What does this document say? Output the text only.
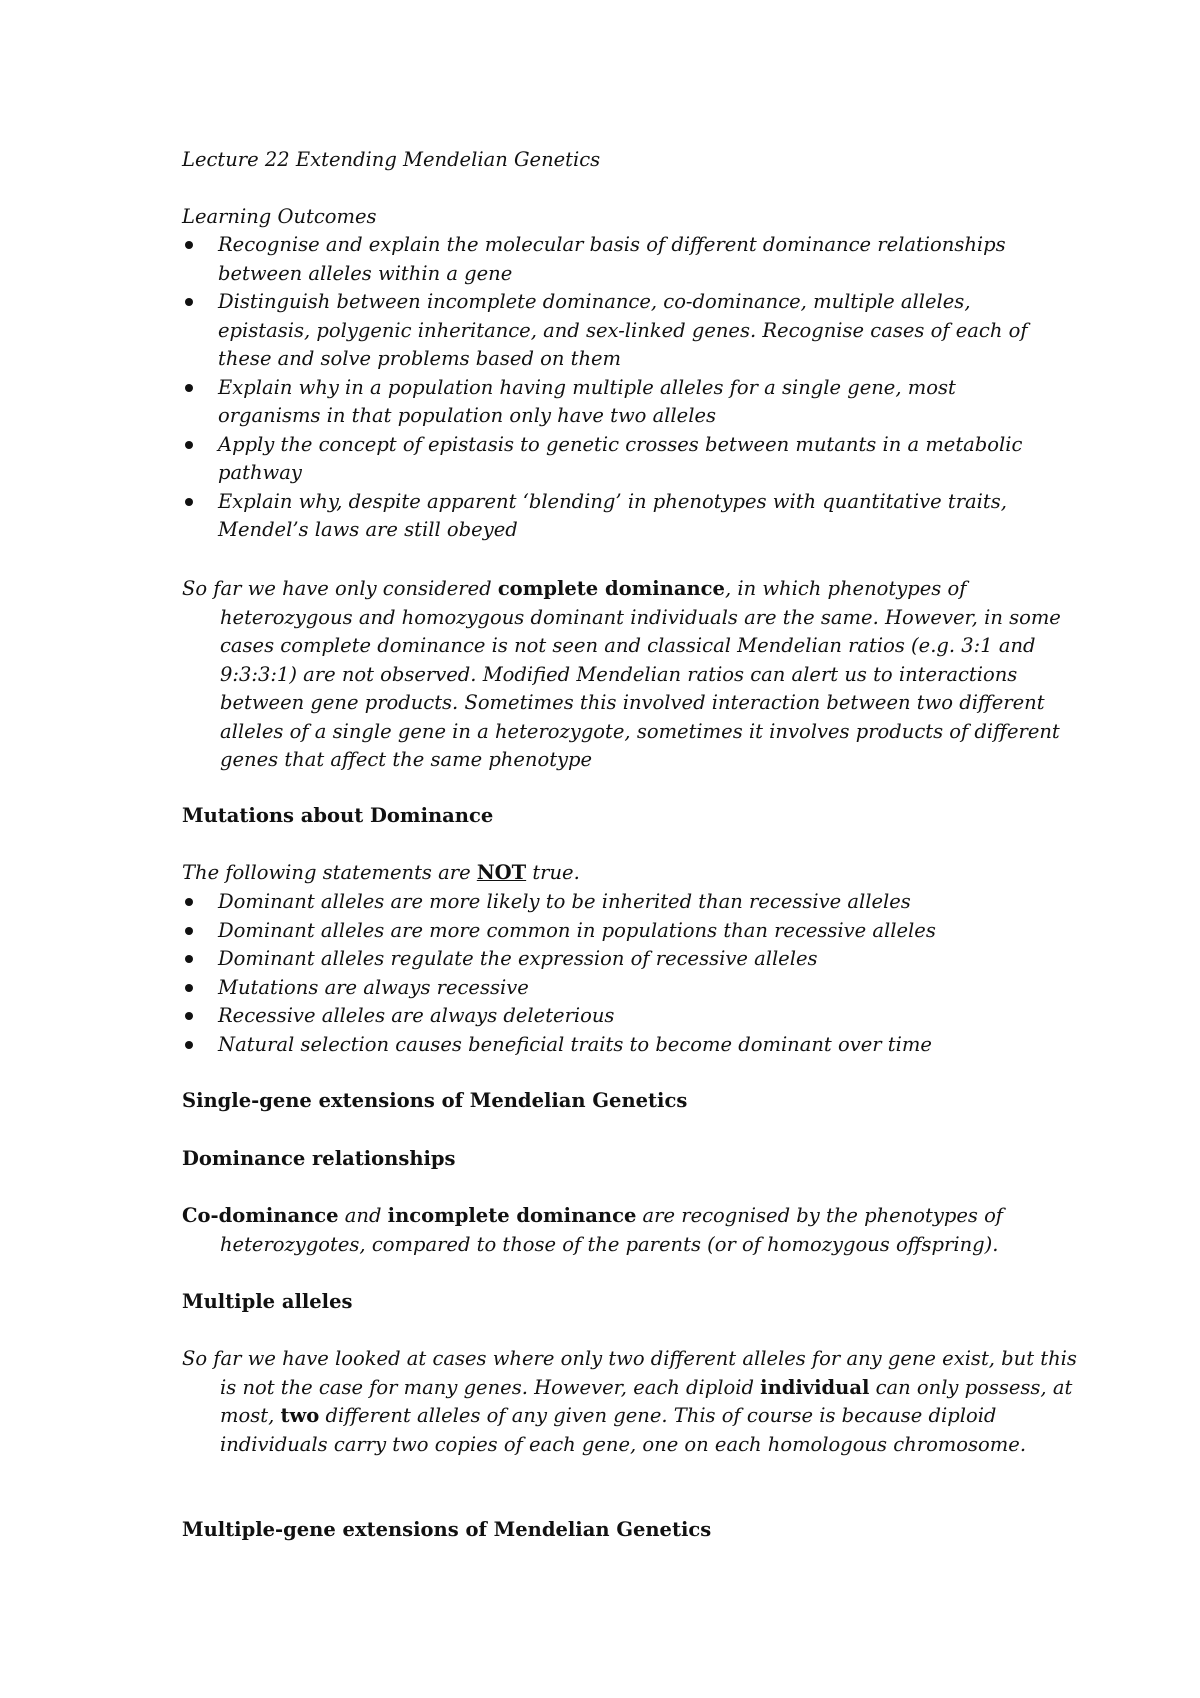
Lecture 22 Extending Mendelian Genetics

Learning Outcomes

Recognise and explain the molecular basis of different dominance relationships between alleles within a gene
Distinguish between incomplete dominance, co-dominance, multiple alleles, epistasis, polygenic inheritance, and sex-linked genes. Recognise cases of each of these and solve problems based on them
Explain why in a population having multiple alleles for a single gene, most organisms in that population only have two alleles
Apply the concept of epistasis to genetic crosses between mutants in a metabolic pathway
Explain why, despite apparent ‘blending’ in phenotypes with quantitative traits, Mendel’s laws are still obeyed

So far we have only considered complete dominance, in which phenotypes of heterozygous and homozygous dominant individuals are the same. However, in some cases complete dominance is not seen and classical Mendelian ratios (e.g. 3:1 and 9:3:3:1) are not observed. Modified Mendelian ratios can alert us to interactions between gene products. Sometimes this involved interaction between two different alleles of a single gene in a heterozygote, sometimes it involves products of different genes that affect the same phenotype

Mutations about Dominance

The following statements are NOT true.

Dominant alleles are more likely to be inherited than recessive alleles
Dominant alleles are more common in populations than recessive alleles
Dominant alleles regulate the expression of recessive alleles
Mutations are always recessive
Recessive alleles are always deleterious
Natural selection causes beneficial traits to become dominant over time

Single-gene extensions of Mendelian Genetics

Dominance relationships

Co-dominance and incomplete dominance are recognised by the phenotypes of heterozygotes, compared to those of the parents (or of homozygous offspring).

Multiple alleles

So far we have looked at cases where only two different alleles for any gene exist, but this is not the case for many genes. However, each diploid individual can only possess, at most, two different alleles of any given gene. This of course is because diploid individuals carry two copies of each gene, one on each homologous chromosome.

Multiple-gene extensions of Mendelian Genetics
